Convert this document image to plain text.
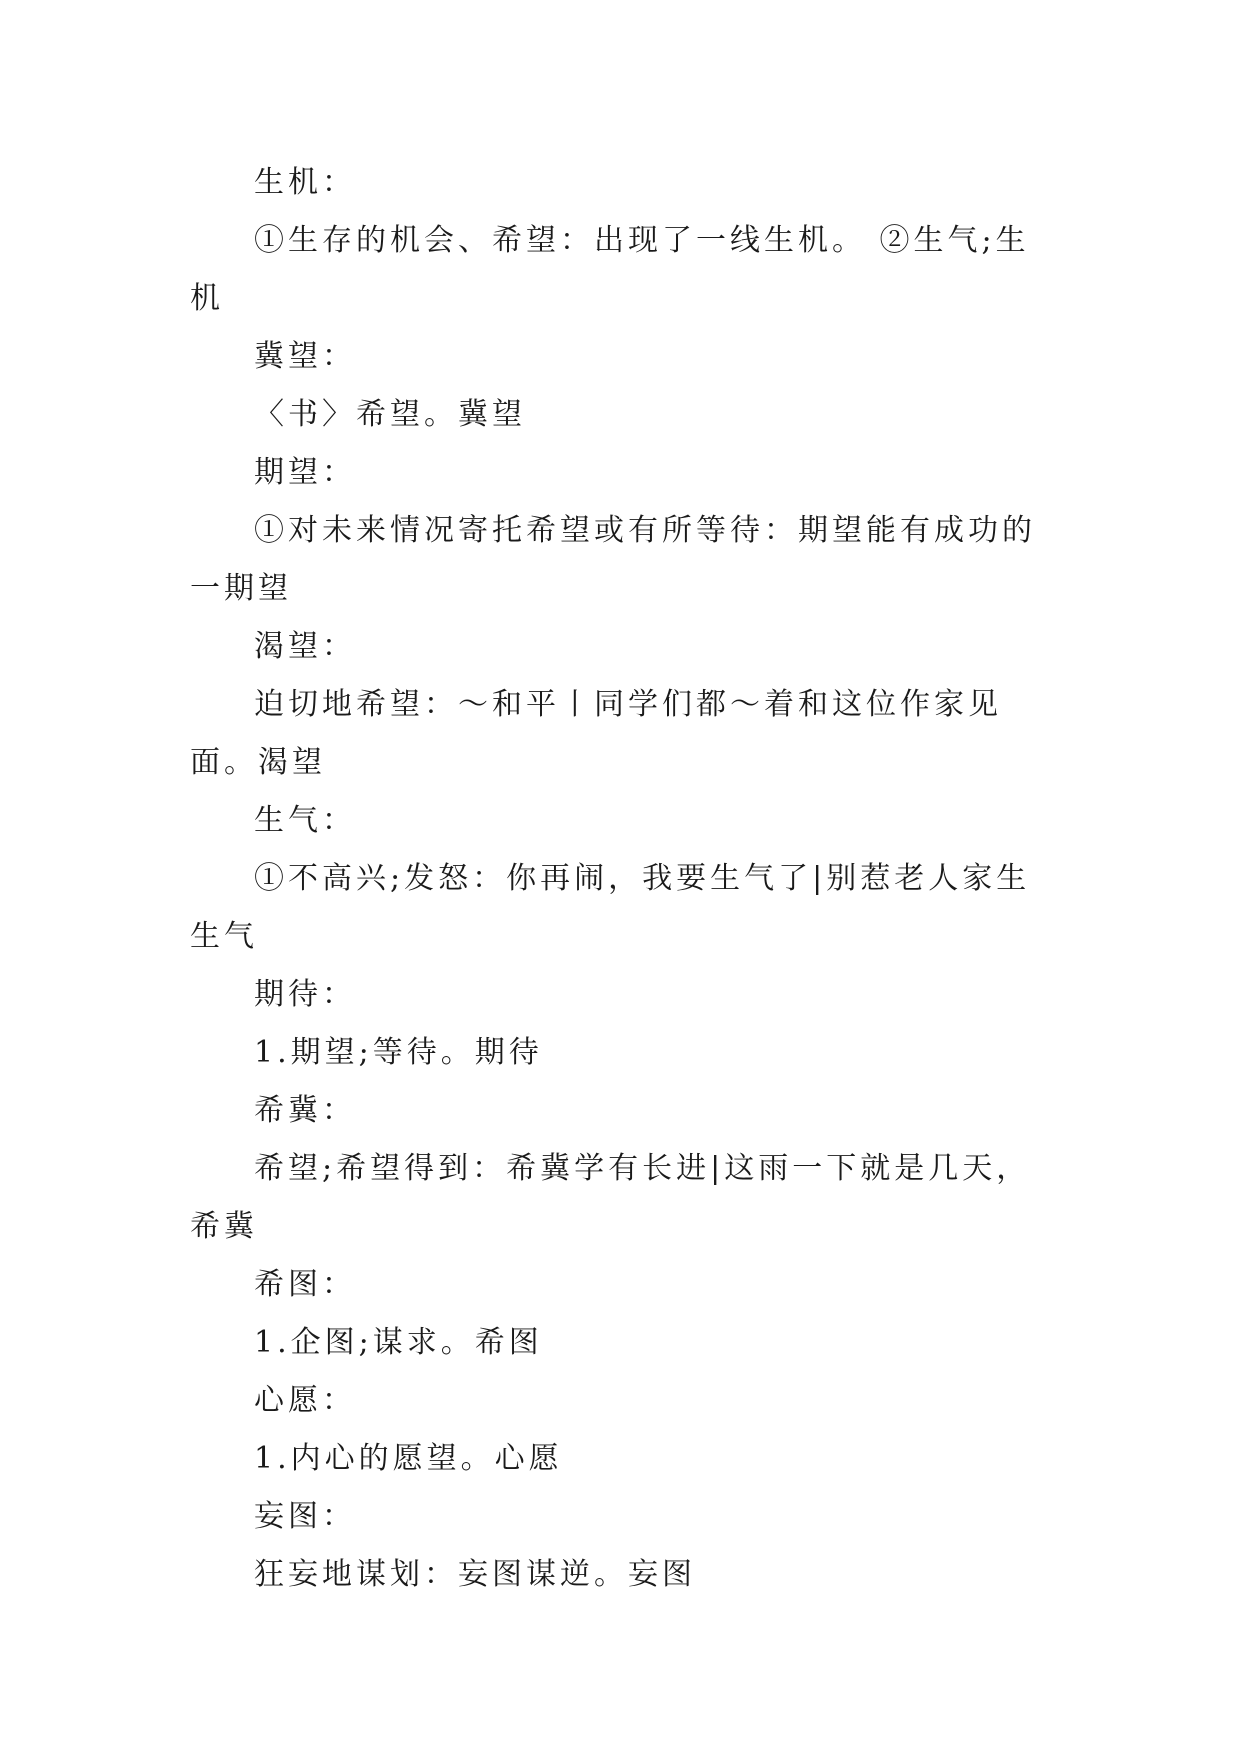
生机：

①生存的机会、希望：出现了一线生机。 ②生气;生机

冀望：

〈书〉希望。冀望

期望：

①对未来情况寄托希望或有所等待：期望能有成功的一期望

渴望：

迫切地希望：～和平丨同学们都～着和这位作家见面。渴望

生气：

①不高兴;发怒：你再闹，我要生气了|别惹老人家生生气

期待：

1.期望;等待。期待

希冀：

希望;希望得到：希冀学有长进|这雨一下就是几天，希冀

希图：

1.企图;谋求。希图

心愿：

1.内心的愿望。心愿

妄图：

狂妄地谋划：妄图谋逆。妄图
